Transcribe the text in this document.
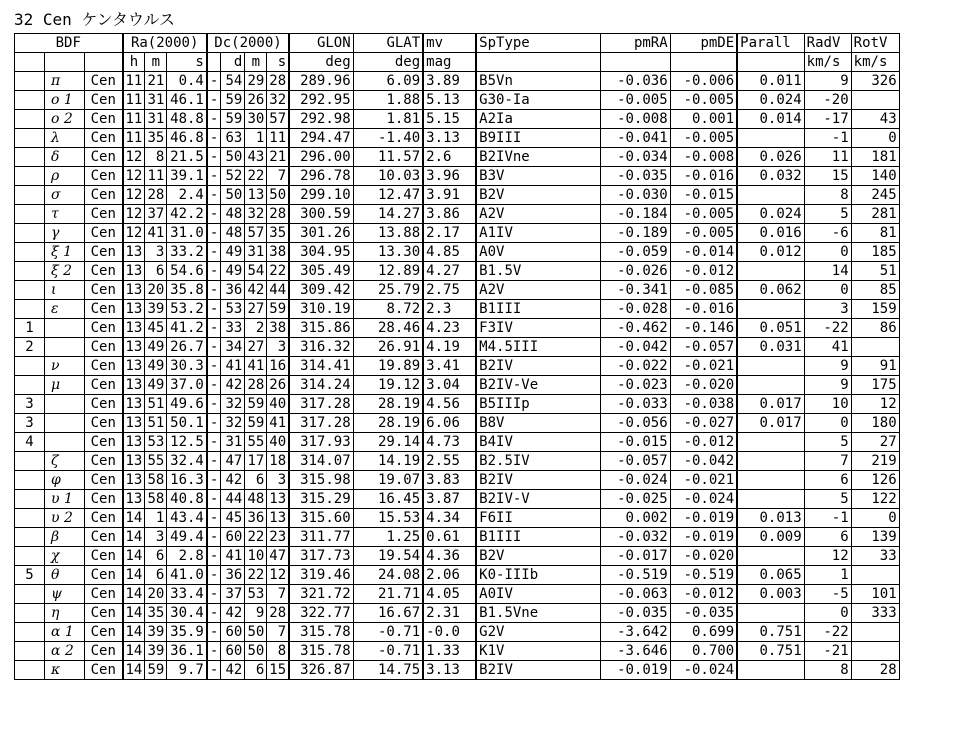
32 Cen ケンタウルス
BDF			Ra(2000)			Dc(2000)				GLON	GLAT	mv	SpType	pmRA	pmDE	Parall	RadV	RotV
			h	m	s		d	m	s	deg	deg	mag					km/s	km/s
	π	Cen	11	21	0.4	-	54	29	28	289.96	6.09	3.89	B5Vn	-0.036	-0.006	0.011	9	326
	ο 1	Cen	11	31	46.1	-	59	26	32	292.95	1.88	5.13	G30-Ia	-0.005	-0.005	0.024	-20	
	ο 2	Cen	11	31	48.8	-	59	30	57	292.98	1.81	5.15	A2Ia	-0.008	0.001	0.014	-17	43
	λ	Cen	11	35	46.8	-	63	1	11	294.47	-1.40	3.13	B9III	-0.041	-0.005		-1	0
	δ	Cen	12	8	21.5	-	50	43	21	296.00	11.57	2.6	B2IVne	-0.034	-0.008	0.026	11	181
	ρ	Cen	12	11	39.1	-	52	22	7	296.78	10.03	3.96	B3V	-0.035	-0.016	0.032	15	140
	σ	Cen	12	28	2.4	-	50	13	50	299.10	12.47	3.91	B2V	-0.030	-0.015		8	245
	τ	Cen	12	37	42.2	-	48	32	28	300.59	14.27	3.86	A2V	-0.184	-0.005	0.024	5	281
	γ	Cen	12	41	31.0	-	48	57	35	301.26	13.88	2.17	A1IV	-0.189	-0.005	0.016	-6	81
	ξ 1	Cen	13	3	33.2	-	49	31	38	304.95	13.30	4.85	A0V	-0.059	-0.014	0.012	0	185
	ξ 2	Cen	13	6	54.6	-	49	54	22	305.49	12.89	4.27	B1.5V	-0.026	-0.012		14	51
	ι	Cen	13	20	35.8	-	36	42	44	309.42	25.79	2.75	A2V	-0.341	-0.085	0.062	0	85
	ε	Cen	13	39	53.2	-	53	27	59	310.19	8.72	2.3	B1III	-0.028	-0.016		3	159
1		Cen	13	45	41.2	-	33	2	38	315.86	28.46	4.23	F3IV	-0.462	-0.146	0.051	-22	86
2		Cen	13	49	26.7	-	34	27	3	316.32	26.91	4.19	M4.5III	-0.042	-0.057	0.031	41	
	ν	Cen	13	49	30.3	-	41	41	16	314.41	19.89	3.41	B2IV	-0.022	-0.021		9	91
	μ	Cen	13	49	37.0	-	42	28	26	314.24	19.12	3.04	B2IV-Ve	-0.023	-0.020		9	175
3		Cen	13	51	49.6	-	32	59	40	317.28	28.19	4.56	B5IIIp	-0.033	-0.038	0.017	10	12
3		Cen	13	51	50.1	-	32	59	41	317.28	28.19	6.06	B8V	-0.056	-0.027	0.017	0	180
4		Cen	13	53	12.5	-	31	55	40	317.93	29.14	4.73	B4IV	-0.015	-0.012		5	27
	ζ	Cen	13	55	32.4	-	47	17	18	314.07	14.19	2.55	B2.5IV	-0.057	-0.042		7	219
	φ	Cen	13	58	16.3	-	42	6	3	315.98	19.07	3.83	B2IV	-0.024	-0.021		6	126
	υ 1	Cen	13	58	40.8	-	44	48	13	315.29	16.45	3.87	B2IV-V	-0.025	-0.024		5	122
	υ 2	Cen	14	1	43.4	-	45	36	13	315.60	15.53	4.34	F6II	0.002	-0.019	0.013	-1	0
	β	Cen	14	3	49.4	-	60	22	23	311.77	1.25	0.61	B1III	-0.032	-0.019	0.009	6	139
	χ	Cen	14	6	2.8	-	41	10	47	317.73	19.54	4.36	B2V	-0.017	-0.020		12	33
5	θ	Cen	14	6	41.0	-	36	22	12	319.46	24.08	2.06	K0-IIIb	-0.519	-0.519	0.065	1	
	ψ	Cen	14	20	33.4	-	37	53	7	321.72	21.71	4.05	A0IV	-0.063	-0.012	0.003	-5	101
	η	Cen	14	35	30.4	-	42	9	28	322.77	16.67	2.31	B1.5Vne	-0.035	-0.035		0	333
	α 1	Cen	14	39	35.9	-	60	50	7	315.78	-0.71	-0.0	G2V	-3.642	0.699	0.751	-22	
	α 2	Cen	14	39	36.1	-	60	50	8	315.78	-0.71	1.33	K1V	-3.646	0.700	0.751	-21	
	κ	Cen	14	59	9.7	-	42	6	15	326.87	14.75	3.13	B2IV	-0.019	-0.024		8	28
